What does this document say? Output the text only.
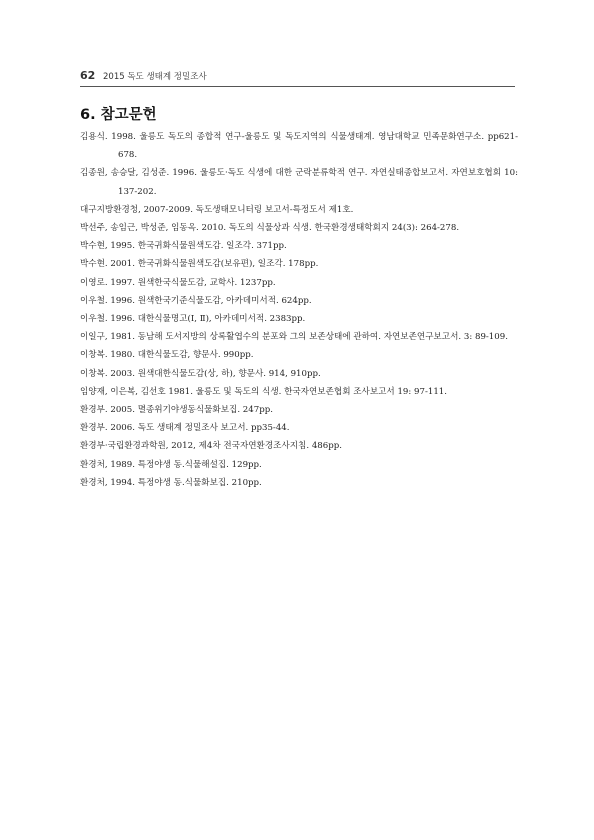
62 2015 독도 생태계 정밀조사
6. 참고문헌
김용식. 1998. 울릉도 독도의 종합적 연구-울릉도 및 독도지역의 식물생태계. 영남대학교 민족문화연구소. pp621-678.
김종원, 송승달, 김성준. 1996. 울릉도·독도 식생에 대한 군락분류학적 연구. 자연실태종합보고서. 자연보호협회 10: 137-202.
대구지방환경청, 2007-2009. 독도생태모니터링 보고서-특정도서 제1호.
박선주, 송임근, 박성준, 임동옥. 2010. 독도의 식물상과 식생. 한국환경생태학회지 24(3): 264-278.
박수현, 1995. 한국귀화식물원색도감. 일조각. 371pp.
박수현. 2001. 한국귀화식물원색도감(보유편), 일조각. 178pp.
이영로. 1997. 원색한국식물도감, 교학사. 1237pp.
이우철. 1996. 원색한국기준식물도감, 아카데미서적. 624pp.
이우철. 1996. 대한식물명고(Ⅰ, Ⅱ), 아카데미서적. 2383pp.
이일구, 1981. 동남해 도서지방의 상록활엽수의 분포와 그의 보존상태에 관하여. 자연보존연구보고서. 3: 89-109.
이창복. 1980. 대한식물도감, 향문사. 990pp.
이창복. 2003. 원색대한식물도감(상, 하), 향문사. 914, 910pp.
임양재, 이은복, 김선호 1981. 울릉도 및 독도의 식생. 한국자연보존협회 조사보고서 19: 97-111.
환경부. 2005. 멸종위기야생동식물화보집. 247pp.
환경부. 2006. 독도 생태계 정밀조사 보고서. pp35-44.
환경부·국립환경과학원, 2012, 제4차 전국자연환경조사지침. 486pp.
환경처, 1989. 특정야생 동.식물해설집. 129pp.
환경처, 1994. 특정야생 동.식물화보집. 210pp.
